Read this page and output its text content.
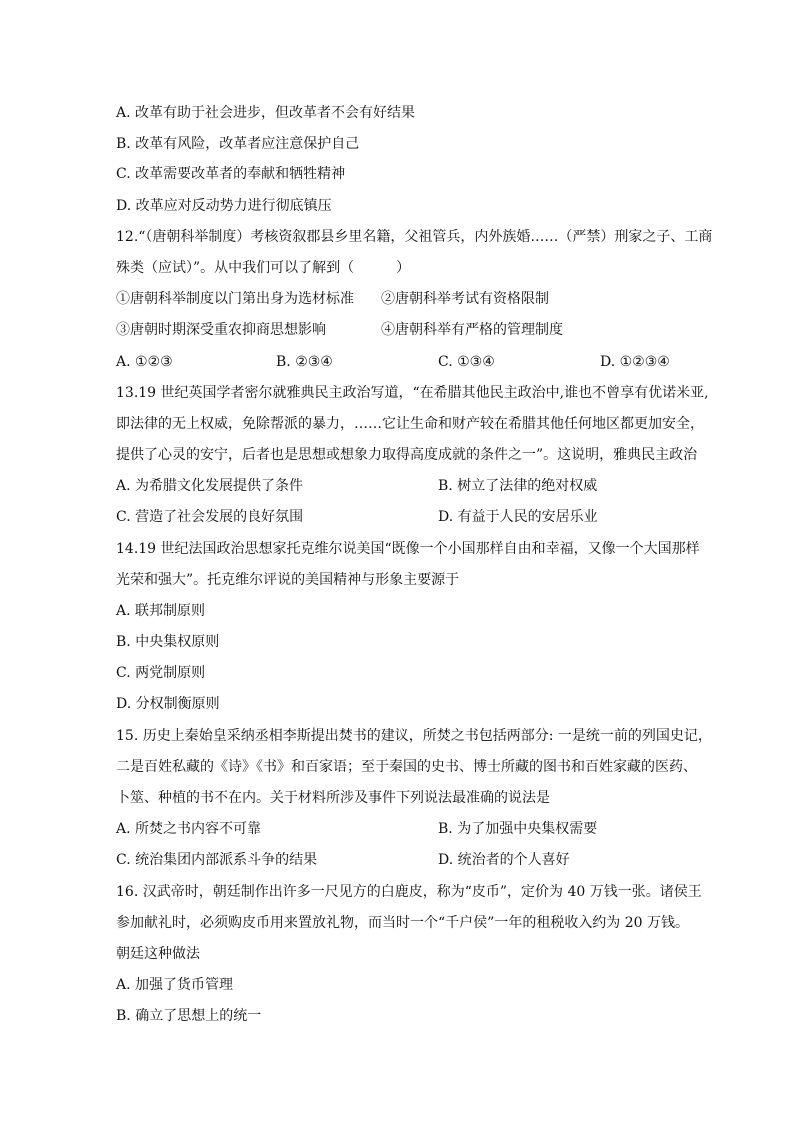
A. 改革有助于社会进步，但改革者不会有好结果
B. 改革有风险，改革者应注意保护自己
C. 改革需要改革者的奉献和牺牲精神
D. 改革应对反动势力进行彻底镇压
12.“（唐朝科举制度）考核资叙郡县乡里名籍，父祖管兵，内外族婚……（严禁）刑家之子、工商
殊类（应试）”。从中我们可以了解到（　　　）
①唐朝科举制度以门第出身为选材标准 ②唐朝科举考试有资格限制
③唐朝时期深受重农抑商思想影响	④唐朝科举有严格的管理制度
A. ①②③	B. ②③④	C. ①③④	D. ①②③④
13.19 世纪英国学者密尔就雅典民主政治写道，“在希腊其他民主政治中,谁也不曾享有优诺米亚,
即法律的无上权威，免除帮派的暴力，……它让生命和财产较在希腊其他任何地区都更加安全，
提供了心灵的安宁，后者也是思想或想象力取得高度成就的条件之一”。这说明，雅典民主政治
A. 为希腊文化发展提供了条件	B. 树立了法律的绝对权威
C. 营造了社会发展的良好氛围	D. 有益于人民的安居乐业
14.19 世纪法国政治思想家托克维尔说美国“既像一个小国那样自由和幸福，又像一个大国那样
光荣和强大”。托克维尔评说的美国精神与形象主要源于
A. 联邦制原则
B. 中央集权原则
C. 两党制原则
D. 分权制衡原则
15. 历史上秦始皇采纳丞相李斯提出焚书的建议，所焚之书包括两部分: 一是统一前的列国史记，
二是百姓私藏的《诗》《书》和百家语；至于秦国的史书、博士所藏的图书和百姓家藏的医药、
卜筮、种植的书不在内。关于材料所涉及事件下列说法最准确的说法是
A. 所焚之书内容不可靠	B. 为了加强中央集权需要
C. 统治集团内部派系斗争的结果	D. 统治者的个人喜好
16. 汉武帝时，朝廷制作出许多一尺见方的白鹿皮，称为“皮币”，定价为 40 万钱一张。诸侯王
参加献礼时，必须购皮币用来置放礼物，而当时一个“千户侯”一年的租税收入约为 20 万钱。
朝廷这种做法
A. 加强了货币管理
B. 确立了思想上的统一
